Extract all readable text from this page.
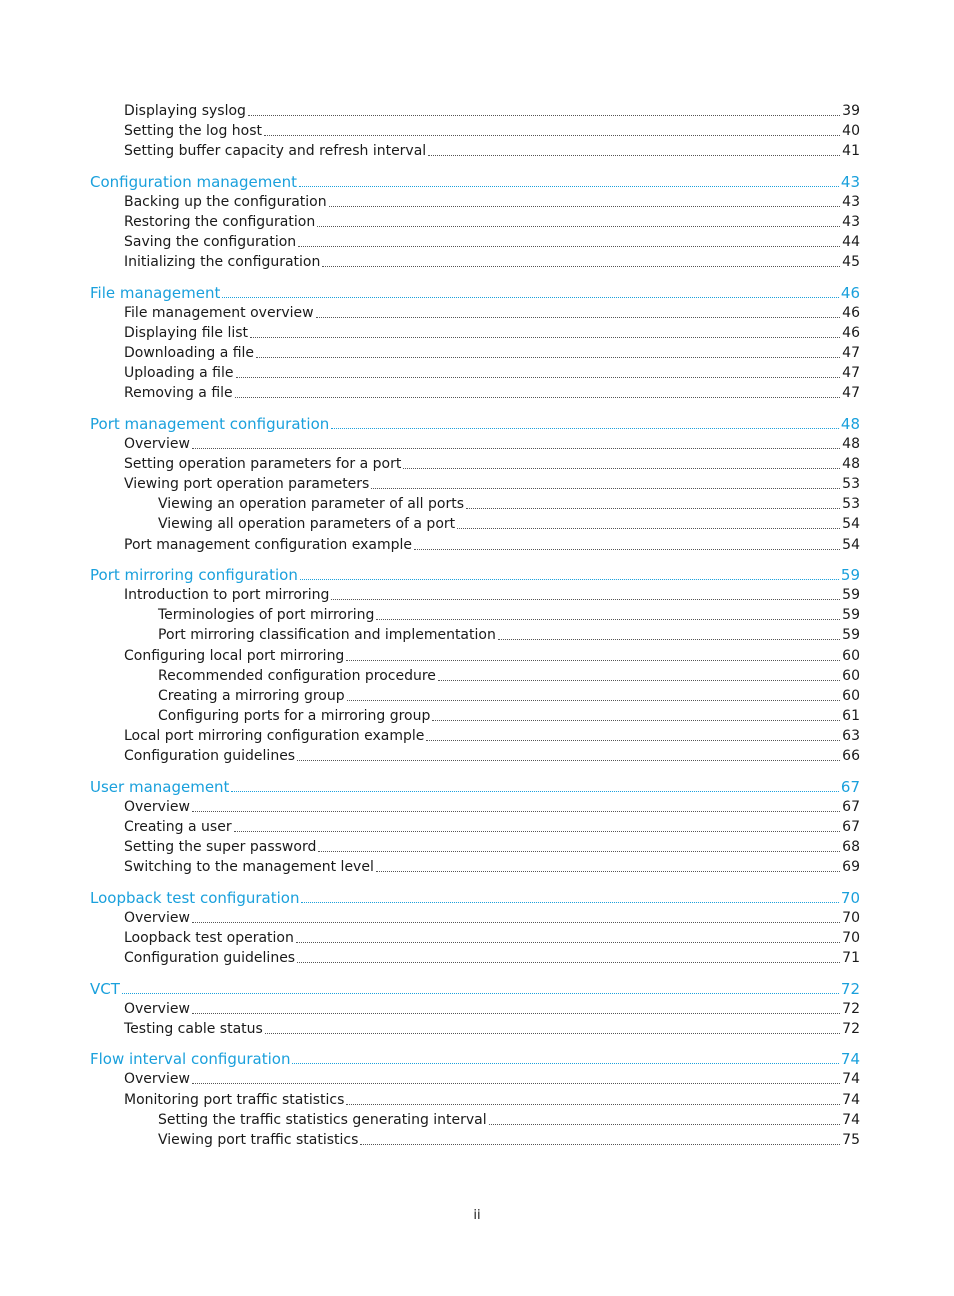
Displaying syslog	39
Setting the log host	40
Setting buffer capacity and refresh interval	41
Configuration management	43
Backing up the configuration	43
Restoring the configuration	43
Saving the configuration	44
Initializing the configuration	45
File management	46
File management overview	46
Displaying file list	46
Downloading a file	47
Uploading a file	47
Removing a file	47
Port management configuration	48
Overview	48
Setting operation parameters for a port	48
Viewing port operation parameters	53
Viewing an operation parameter of all ports	53
Viewing all operation parameters of a port	54
Port management configuration example	54
Port mirroring configuration	59
Introduction to port mirroring	59
Terminologies of port mirroring	59
Port mirroring classification and implementation	59
Configuring local port mirroring	60
Recommended configuration procedure	60
Creating a mirroring group	60
Configuring ports for a mirroring group	61
Local port mirroring configuration example	63
Configuration guidelines	66
User management	67
Overview	67
Creating a user	67
Setting the super password	68
Switching to the management level	69
Loopback test configuration	70
Overview	70
Loopback test operation	70
Configuration guidelines	71
VCT	72
Overview	72
Testing cable status	72
Flow interval configuration	74
Overview	74
Monitoring port traffic statistics	74
Setting the traffic statistics generating interval	74
Viewing port traffic statistics	75
ii
